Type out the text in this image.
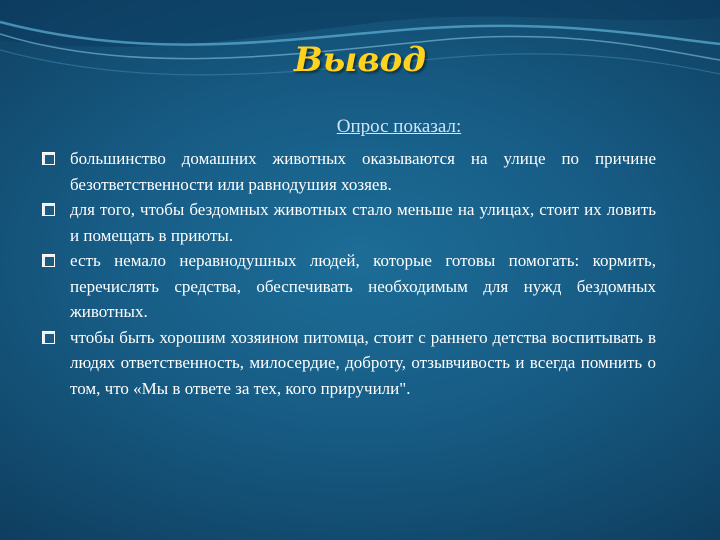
Вывод
Опрос показал:
большинство домашних животных оказываются на улице по причине безответственности или равнодушия хозяев.
для того, чтобы бездомных животных стало меньше на улицах, стоит их ловить и помещать в приюты.
есть немало неравнодушных людей, которые готовы помогать: кормить, перечислять средства, обеспечивать необходимым для нужд бездомных животных.
чтобы быть хорошим хозяином питомца, стоит с раннего детства воспитывать в людях ответственность, милосердие, доброту, отзывчивость и всегда помнить о том, что «Мы в ответе за тех, кого приручили".
